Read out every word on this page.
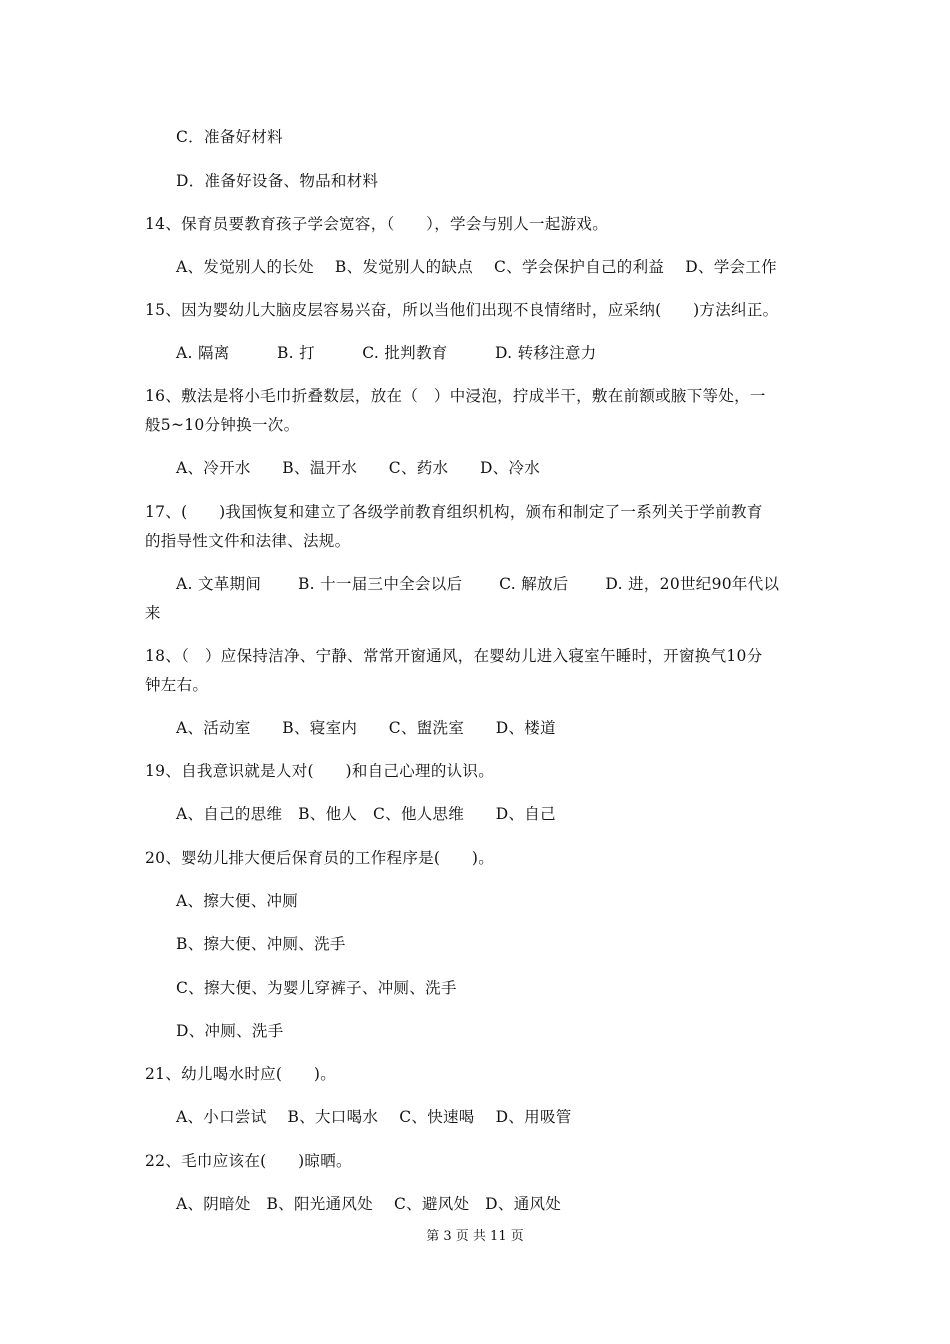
C．准备好材料
D．准备好设备、物品和材料
14、保育员要教育孩子学会宽容，（　　），学会与别人一起游戏。
A、发觉别人的长处　 B、发觉别人的缺点　 C、学会保护自己的利益　 D、学会工作
15、因为婴幼儿大脑皮层容易兴奋，所以当他们出现不良情绪时，应采纳(　　)方法纠正。
A. 隔离　　　B. 打　　　C. 批判教育　　　D. 转移注意力
16、敷法是将小毛巾折叠数层，放在（　）中浸泡，拧成半干，敷在前额或腋下等处，一
般5~10分钟换一次。
A、冷开水　　B、温开水　　C、药水　　D、冷水
17、(　　)我国恢复和建立了各级学前教育组织机构，颁布和制定了一系列关于学前教育
的指导性文件和法律、法规。
A. 文革期间　　 B. 十一届三中全会以后　　 C. 解放后　　 D. 进，20世纪90年代以
来
18、（　）应保持洁净、宁静、常常开窗通风，在婴幼儿进入寝室午睡时，开窗换气10分
钟左右。
A、活动室　　B、寝室内　　C、盥洗室　　D、楼道
19、自我意识就是人对(　　)和自己心理的认识。
A、自己的思维　B、他人　C、他人思维　　D、自己
20、婴幼儿排大便后保育员的工作程序是(　　)。
A、擦大便、冲厕
B、擦大便、冲厕、洗手
C、擦大便、为婴儿穿裤子、冲厕、洗手
D、冲厕、洗手
21、幼儿喝水时应(　　)。
A、小口尝试　 B、大口喝水　 C、快速喝　 D、用吸管
22、毛巾应该在(　　)晾晒。
A、阴暗处　B、阳光通风处　 C、避风处　D、通风处
第 3 页 共 11 页
